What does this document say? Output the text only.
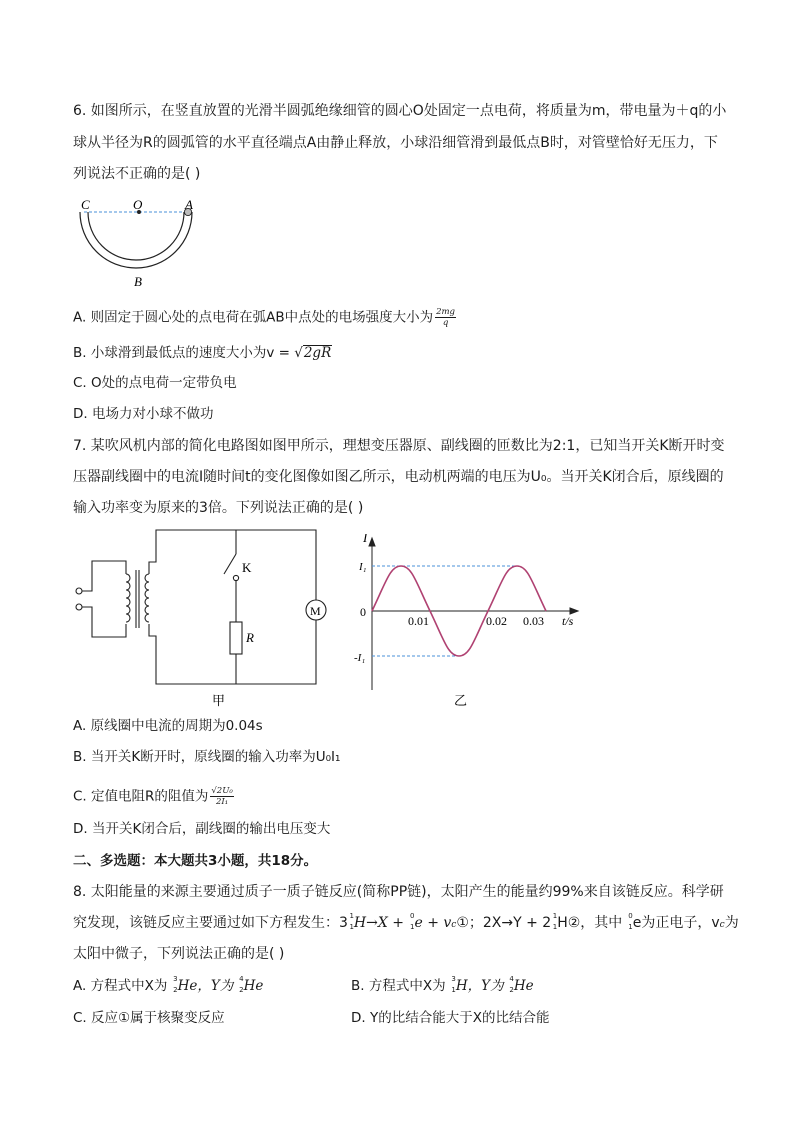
6. 如图所示，在竖直放置的光滑半圆弧绝缘细管的圆心O处固定一点电荷，将质量为m，带电量为＋q的小
球从半径为R的圆弧管的水平直径端点A由静止释放，小球沿细管滑到最低点B时，对管壁恰好无压力，下
列说法不正确的是( )
C	O	A
B
A. 则固定于圆心处的点电荷在弧AB中点处的电场强度大小为 $\frac{2mg}{q}$
B. 小球滑到最低点的速度大小为v = √2gR
C. O处的点电荷一定带负电
D. 电场力对小球不做功
7. 某吹风机内部的简化电路图如图甲所示，理想变压器原、副线圈的匝数比为2:1，已知当开关K断开时变
压器副线圈中的电流I随时间t的变化图像如图乙所示，电动机两端的电压为U₀。当开关K闭合后，原线圈的
输入功率变为原来的3倍。下列说法正确的是( )
K
R
M
甲
I
0
I₁
-I₁
0.01	0.02 0.03 t/s
乙
A. 原线圈中电流的周期为0.04s
B. 当开关K断开时，原线圈的输入功率为U₀I₁
C. 定值电阻R的阻值为 $\frac{\text{√2U₀}}{\text{2I₁}}$
D. 当开关K闭合后，副线圈的输出电压变大
二、多选题：本大题共3小题，共18分。
8. 太阳能量的来源主要通过质子一质子链反应(简称PP链)，太阳产生的能量约99%来自该链反应。科学研
究发现，该链反应主要通过如下方程发生：3 1
1 H→X + 0
1 e + vc①；2X→Y + 2 1
1 H②，其中 0
1 e为正电子，vc为
太阳中微子，下列说法正确的是( )
A. 方程式中X为 3
2 He，Y为 4
2 He	B. 方程式中X为 3
1 H，Y为 4
2 He
C. 反应①属于核聚变反应	D. Y的比结合能大于X的比结合能
